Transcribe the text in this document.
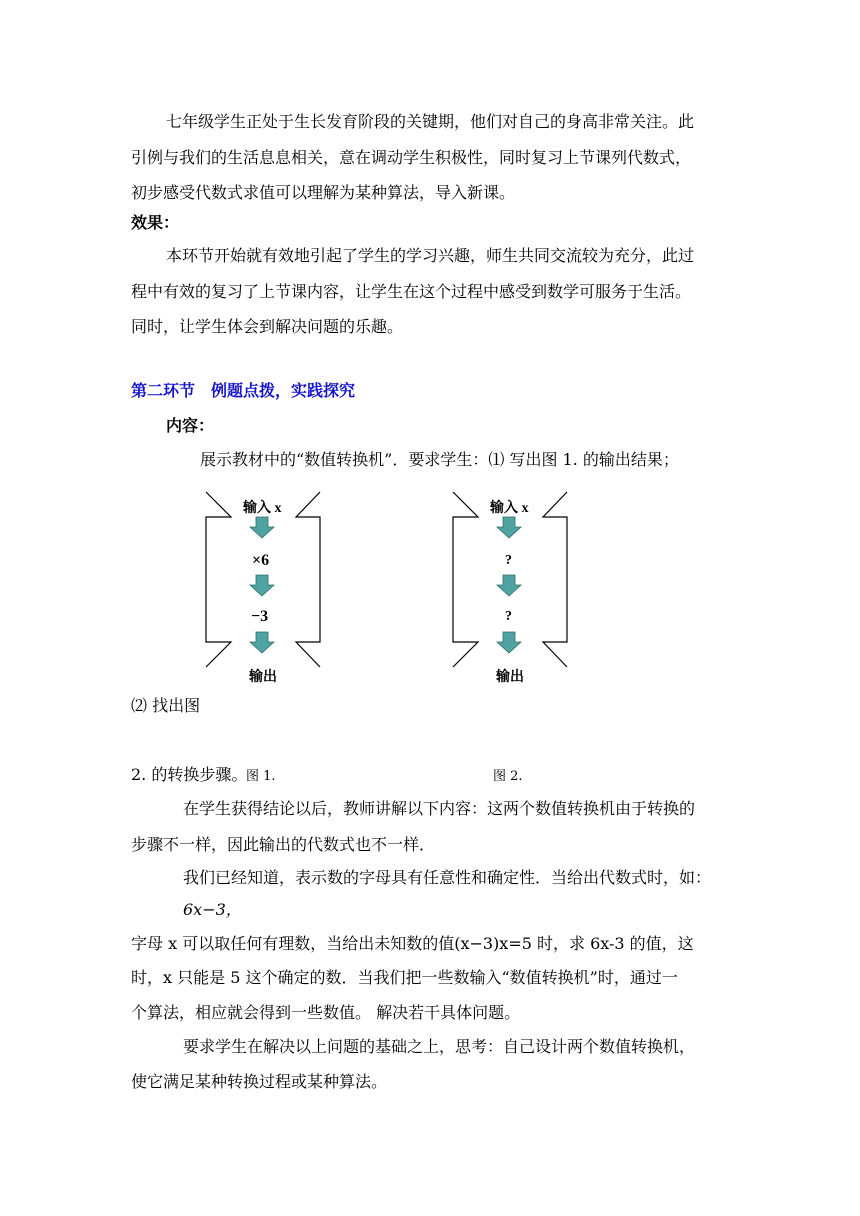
七年级学生正处于生长发育阶段的关键期，他们对自己的身高非常关注。此
引例与我们的生活息息相关，意在调动学生积极性，同时复习上节课列代数式，
初步感受代数式求值可以理解为某种算法，导入新课。
效果：
本环节开始就有效地引起了学生的学习兴趣，师生共同交流较为充分，此过
程中有效的复习了上节课内容，让学生在这个过程中感受到数学可服务于生活。
同时，让学生体会到解决问题的乐趣。
第二环节　例题点拨，实践探究
内容：
展示教材中的“数值转换机”．要求学生：⑴ 写出图 1. 的输出结果；
输入 x
×6
−3
输出
输入 x
?
?
输出
⑵ 找出图
2. 的转换步骤。
图 1.	图 2.
在学生获得结论以后，教师讲解以下内容：这两个数值转换机由于转换的
步骤不一样，因此输出的代数式也不一样．
我们已经知道，表示数的字母具有任意性和确定性．当给出代数式时，如：
6x−3，
字母 x 可以取任何有理数，当给出未知数的值(x−3)x=5 时，求 6x-3 的值，这
时，x 只能是 5 这个确定的数．当我们把一些数输入“数值转换机”时，通过一
个算法，相应就会得到一些数值。 解决若干具体问题。
要求学生在解决以上问题的基础之上，思考：自己设计两个数值转换机，
使它满足某种转换过程或某种算法。
